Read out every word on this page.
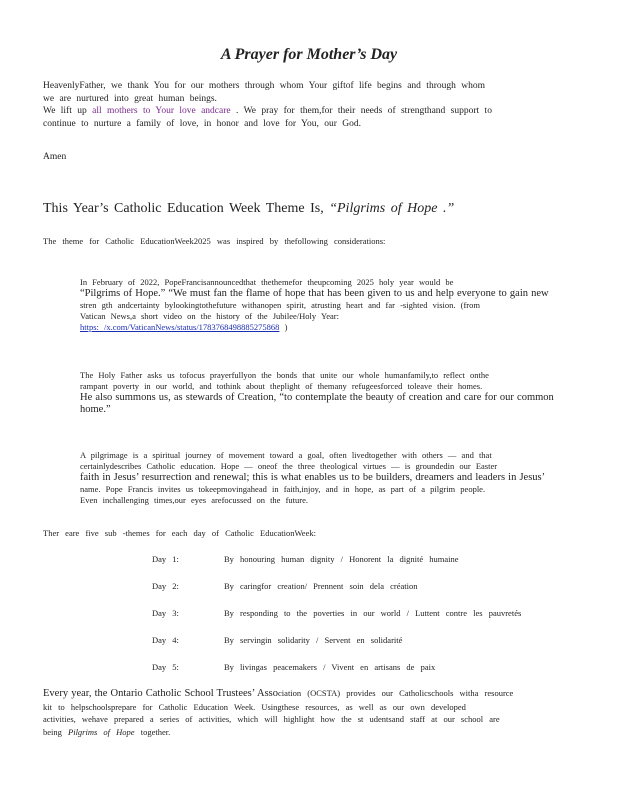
A Prayer for Mother’s Day

HeavenlyFather, we thank You for our mothers through whom Your giftof life begins and through whom

we are nurtured into great human beings.

We lift up all mothers to Your love andcare . We pray for them,for their needs of strengthand support to

continue to nurture a family of love, in honor and love for You, our God.

Amen
This Year’s Catholic Education Week Theme Is, “Pilgrims of Hope .”
The theme for Catholic EducationWeek2025 was inspired by thefollowing considerations:
In February of 2022, PopeFrancisannouncedthat thethemefor theupcoming 2025 holy year would be
“Pilgrims of Hope.” “We must fan the flame of hope that has been given to us and help everyone to gain new
stren gth andcertainty bylookingtothefuture withanopen spirit, atrusting heart and far -sighted vision. (from
Vatican News,a short video on the history of the Jubilee/Holy Year:
https: /x.com/VaticanNews/status/1783768498885275868 )
The Holy Father asks us tofocus prayerfullyon the bonds that unite our whole humanfamily,to reflect onthe
rampant poverty in our world, and tothink about theplight of themany refugeesforced toleave their homes.
He also summons us, as stewards of Creation, “to contemplate the beauty of creation and care for our common
home.”
A pilgrimage is a spiritual journey of movement toward a goal, often livedtogether with others — and that
certainlydescribes Catholic education. Hope — oneof the three theological virtues — is groundedin our Easter
faith in Jesus’ resurrection and renewal; this is what enables us to be builders, dreamers and leaders in Jesus’
name. Pope Francis invites us tokeepmovingahead in faith,injoy, and in hope, as part of a pilgrim people.
Even inchallenging times,our eyes arefocussed on the future.
Ther eare five sub -themes for each day of Catholic EducationWeek:
Day 1:	By honouring human dignity / Honorent la dignité humaine
Day 2:	By caringfor creation/ Prennent soin dela création
Day 3:	By responding to the poverties in our world / Luttent contre les pauvretés
Day 4:	By servingin solidarity / Servent en solidarité
Day 5:	By livingas peacemakers / Vivent en artisans de paix
Every year, the Ontario Catholic School Trustees’ Association (OCSTA) provides our Catholicschools witha resource
kit to helpschoolsprepare for Catholic Education Week. Usingthese resources, as well as our own developed
activities, wehave prepared a series of activities, which will highlight how the st udentsand staff at our school are
being Pilgrims of Hope together.
